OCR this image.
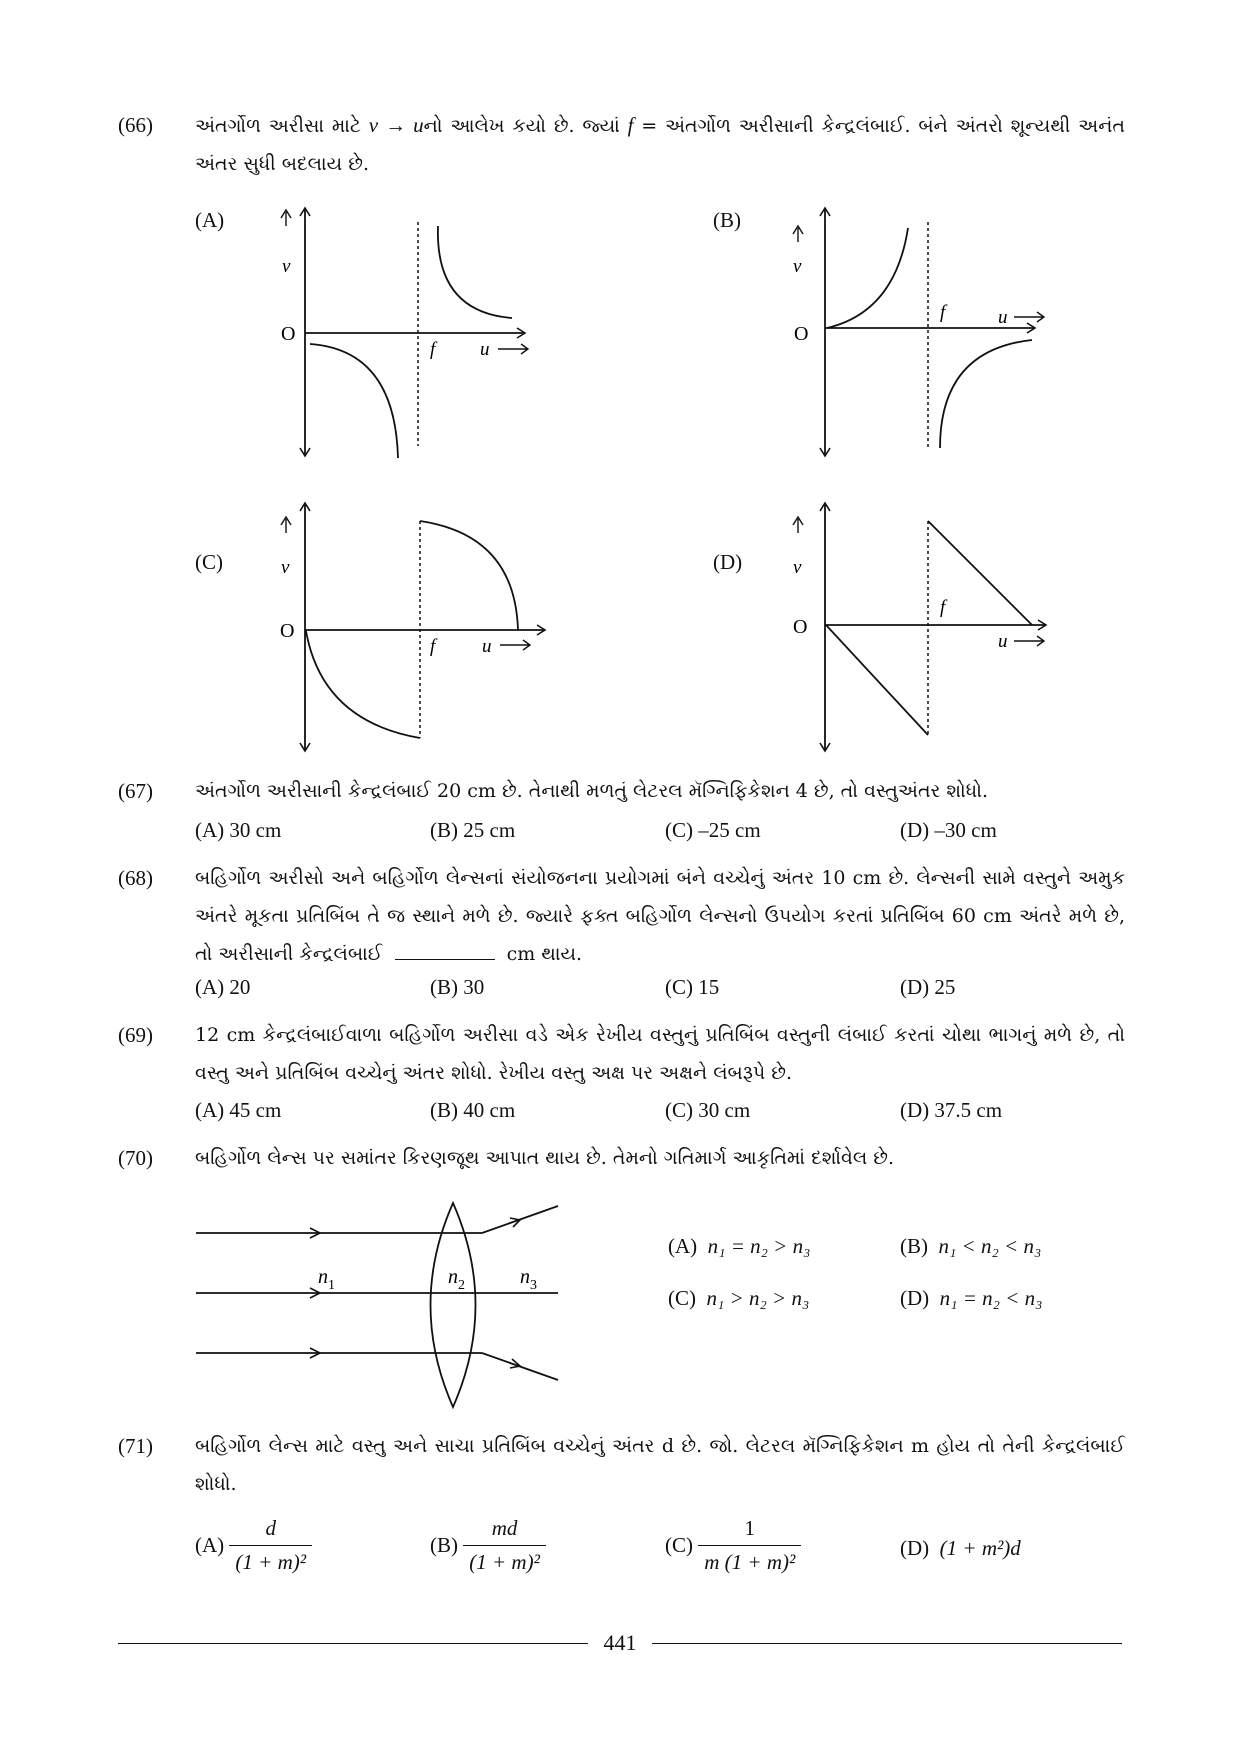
(66) અંતર્ગોળ અરીસા માટે v → uનો આલેખ કયો છે. જ્યાં f = અંતર્ગોળ અરીસાની કેન્દ્રલંબાઈ. બંને અંતરો શૂન્યથી અનંત અંતર સુધી બદલાય છે.
(A)	(B)
(C)	(D)
v
O
f u
v
O
f	u
v
O
f u
v
O
f
u
(67) અંતર્ગોળ અરીસાની કેન્દ્રલંબાઈ 20 cm છે. તેનાથી મળતું લેટરલ મૅગ્નિફિકેશન 4 છે, તો વસ્તુઅંતર શોધો.
(A) 30 cm	(B) 25 cm	(C) –25 cm	(D) –30 cm
(68) બહિર્ગોળ અરીસો અને બહિર્ગોળ લેન્સનાં સંયોજનના પ્રયોગમાં બંને વચ્ચેનું અંતર 10 cm છે. લેન્સની સામે વસ્તુને અમુક અંતરે મૂકતા પ્રતિબિંબ તે જ સ્થાને મળે છે. જ્યારે ફક્ત બહિર્ગોળ લેન્સનો ઉપયોગ કરતાં પ્રતિબિંબ 60 cm અંતરે મળે છે, તો અરીસાની કેન્દ્રલંબાઈ	cm થાય.
(A) 20	(B) 30	(C) 15	(D) 25
(69) 12 cm કેન્દ્રલંબાઈવાળા બહિર્ગોળ અરીસા વડે એક રેખીય વસ્તુનું પ્રતિબિંબ વસ્તુની લંબાઈ કરતાં ચોથા ભાગનું મળે છે, તો વસ્તુ અને પ્રતિબિંબ વચ્ચેનું અંતર શોધો. રેખીય વસ્તુ અક્ષ પર અક્ષને લંબરૂપે છે.
(A) 45 cm	(B) 40 cm	(C) 30 cm	(D) 37.5 cm
(70) બહિર્ગોળ લેન્સ પર સમાંતર કિરણજૂથ આપાત થાય છે. તેમનો ગતિમાર્ગ આકૃતિમાં દર્શાવેલ છે.
$n_1$	$n_2$	$n_3$
(A) n₁ = n₂ > n₃	(B) n₁ < n₂ < n₃
(C) n₁ > n₂ > n₃	(D) n₁ = n₂ < n₃
(71) બહિર્ગોળ લેન્સ માટે વસ્તુ અને સાચા પ્રતિબિંબ વચ્ચેનું અંતર d છે. જો. લેટરલ મૅગ્નિફિકેશન m હોય તો તેની કેન્દ્રલંબાઈ શોધો.
$(A) \frac{d}{\text{(1 + m)²}}$	$(B) \frac{md}{\text{(1 + m)²}}$	$(C) \frac{1}{\text{m (1 + m)²}}$	(D) (1 + m²)d
441
